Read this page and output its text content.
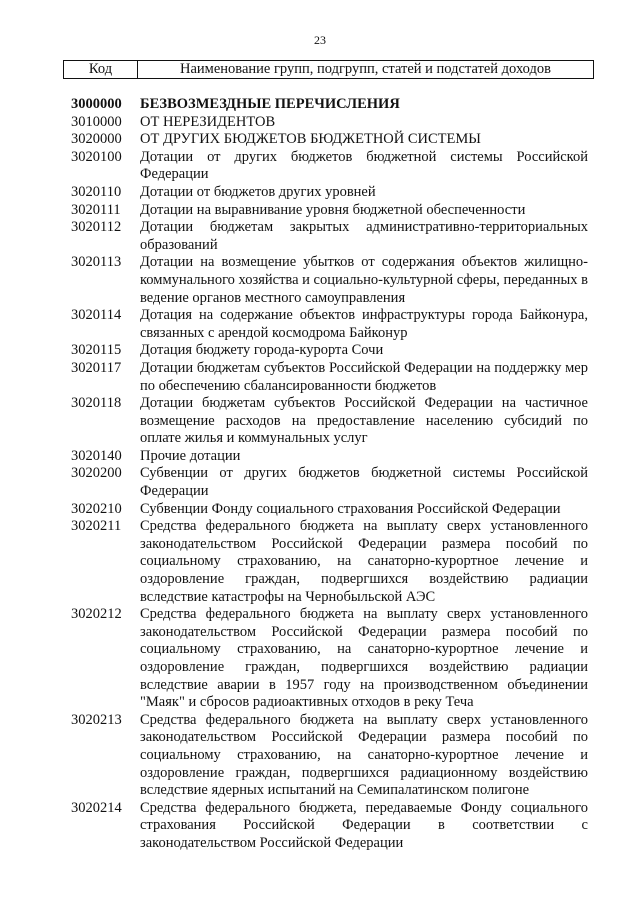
23
Код	Наименование групп, подгрупп, статей и подстатей доходов
3000000	БЕЗВОЗМЕЗДНЫЕ ПЕРЕЧИСЛЕНИЯ
3010000	ОТ НЕРЕЗИДЕНТОВ
3020000	ОТ ДРУГИХ БЮДЖЕТОВ БЮДЖЕТНОЙ СИСТЕМЫ
3020100	Дотации от других бюджетов бюджетной системы Российской Федерации
3020110	Дотации от бюджетов других уровней
3020111	Дотации на выравнивание уровня бюджетной обеспеченности
3020112	Дотации бюджетам закрытых административно-территориальных образований
3020113	Дотации на возмещение убытков от содержания объектов жилищно-коммунального хозяйства и социально-культурной сферы, переданных в ведение органов местного самоуправления
3020114	Дотация на содержание объектов инфраструктуры города Байконура, связанных с арендой космодрома Байконур
3020115	Дотация бюджету города-курорта Сочи
3020117	Дотации бюджетам субъектов Российской Федерации на поддержку мер по обеспечению сбалансированности бюджетов
3020118	Дотации бюджетам субъектов Российской Федерации на частичное возмещение расходов на предоставление населению субсидий по оплате жилья и коммунальных услуг
3020140	Прочие дотации
3020200	Субвенции от других бюджетов бюджетной системы Российской Федерации
3020210	Субвенции Фонду социального страхования Российской Федерации
3020211	Средства федерального бюджета на выплату сверх установленного законодательством Российской Федерации размера пособий по социальному страхованию, на санаторно-курортное лечение и оздоровление граждан, подвергшихся воздействию радиации вследствие катастрофы на Чернобыльской АЭС
3020212	Средства федерального бюджета на выплату сверх установленного законодательством Российской Федерации размера пособий по социальному страхованию, на санаторно-курортное лечение и оздоровление граждан, подвергшихся воздействию радиации вследствие аварии в 1957 году на производственном объединении "Маяк" и сбросов радиоактивных отходов в реку Теча
3020213	Средства федерального бюджета на выплату сверх установленного законодательством Российской Федерации размера пособий по социальному страхованию, на санаторно-курортное лечение и оздоровление граждан, подвергшихся радиационному воздействию вследствие ядерных испытаний на Семипалатинском полигоне
3020214	Средства федерального бюджета, передаваемые Фонду социального страхования Российской Федерации в соответствии с законодательством Российской Федерации
